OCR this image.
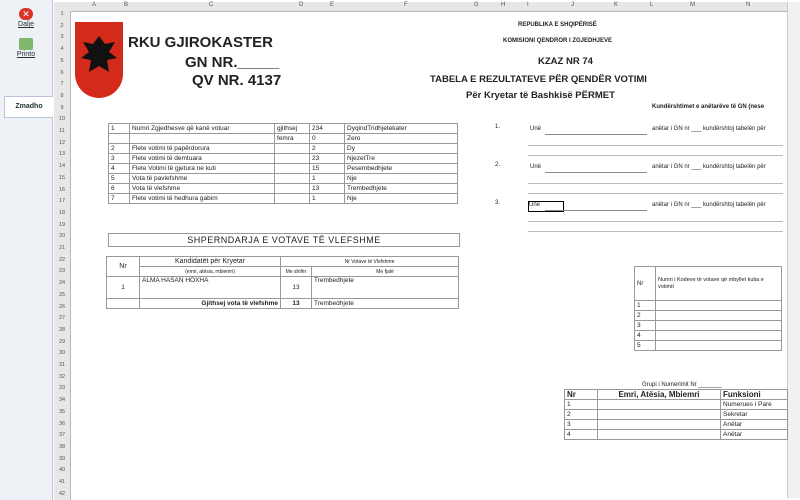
✕
Dalje
Printo
Zmadho
A	B	C	D	E	F	G	H	I	J	K	L	M	N
1
2
3
4
5
6
7
8
9
10
11
12
13
14
15
16
17
18
19
20
21
22
23
24
25
26
27
28
29
30
31
32
33
34
35
36
37
38
39
40
41
42
RKU GJIROKASTER
GN NR._____
QV NR. 4137
REPUBLIKA E SHQIPËRISË
KOMISIONI QENDROR I ZGJEDHJEVE
KZAZ NR 74
TABELA E REZULTATEVE PËR QENDËR VOTIMI
Për Kryetar të Bashkisë PËRMET
Kundërshtimet e anëtarëve të GN (nese
1	Numri Zgjedhesve që kanë votuar	gjithsej	234	DyqindTridhjetekater
		femra	0	Zero
2	Flete votimi të papërdorura		2	Dy
3	Flete votimi të demtuara		23	NjezetTre
4	Flete Votimi të gjetura ne kuti		15	Pesembedhjete
5	Vota të pavlefshme		1	Nje
6	Vota të vlefshme		13	Trembedhjete
7	Flete votimi të hedhura gabim		1	Nje
SHPERNDARJA E VOTAVE TË VLEFSHME
Nr	Kandidatët për Kryetar	Nr Votave të Vlefshme	
	(emri, atësia, mbiemri)	Me shifër	Me fjalë
1	ALMA HASAN HOXHA	13	Trembedhjete
	Gjithsej vota të vlefshme	13	Trembedhjete
1.	Unë	anëtar i GN nr ___ kundërshtoj tabelën për
2.	Unë	anëtar i GN nr ___ kundërshtoj tabelën për
3.	Unë	anëtar i GN nr ___ kundërshtoj tabelën për
Nr	Numri i Kodeve të votave që mbyllet kutia e votimit
1	
2	
3	
4	
5	
Grupi i Numerimit Nr _______
Nr	Emri, Atësia, Mbiemri	Funksioni
1		Numerues i Pare
2		Sekretar
3		Anëtar
4		Anëtar
